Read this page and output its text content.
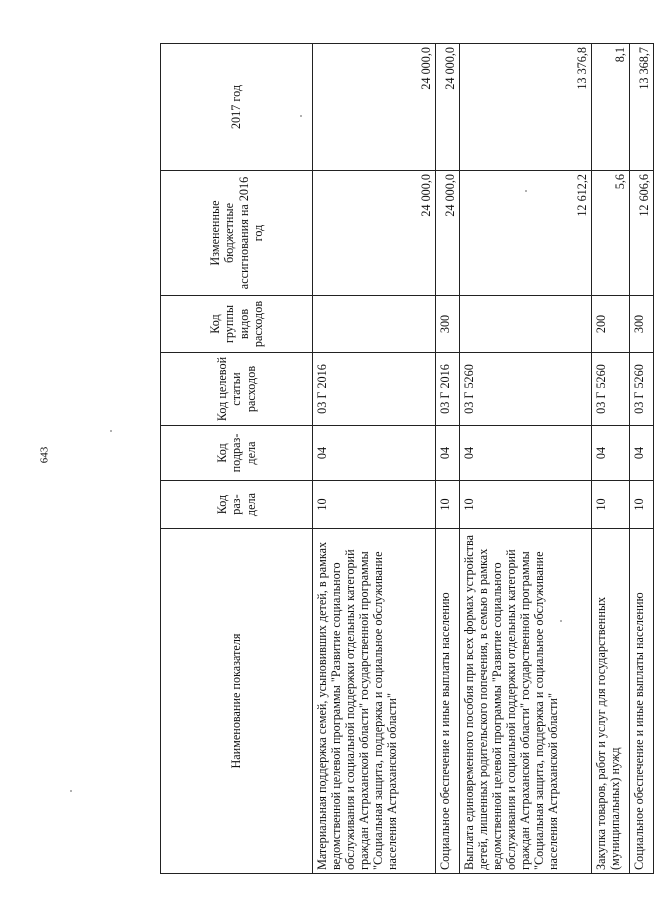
643
Наименование показателя	Код раз-дела	Код подраз-дела	Код целевой статьи расходов	Код группы видов расходов	Измененные бюджетные ассигнования на 2016 год	2017 год
Материальная поддержка семей, усыновивших детей, в рамках ведомственной целевой программы "Развитие социального обслуживания и социальной поддержки отдельных категорий граждан Астраханской области" государственной программы "Социальная защита, поддержка и социальное обслуживание населения Астраханской области"	10	04	03 Г 2016		24 000,0	24 000,0
Социальное обеспечение и иные выплаты населению	10	04	03 Г 2016	300	24 000,0	24 000,0
Выплата единовременного пособия при всех формах устройства детей, лишенных родительского попечения, в семью в рамках ведомственной целевой программы "Развитие социального обслуживания и социальной поддержки отдельных категорий граждан Астраханской области" государственной программы "Социальная защита, поддержка и социальное обслуживание населения Астраханской области"	10	04	03 Г 5260		12 612,2	13 376,8
Закупка товаров, работ и услуг для государственных (муниципальных) нужд	10	04	03 Г 5260	200	5,6	8,1
Социальное обеспечение и иные выплаты населению	10	04	03 Г 5260	300	12 606,6	13 368,7
